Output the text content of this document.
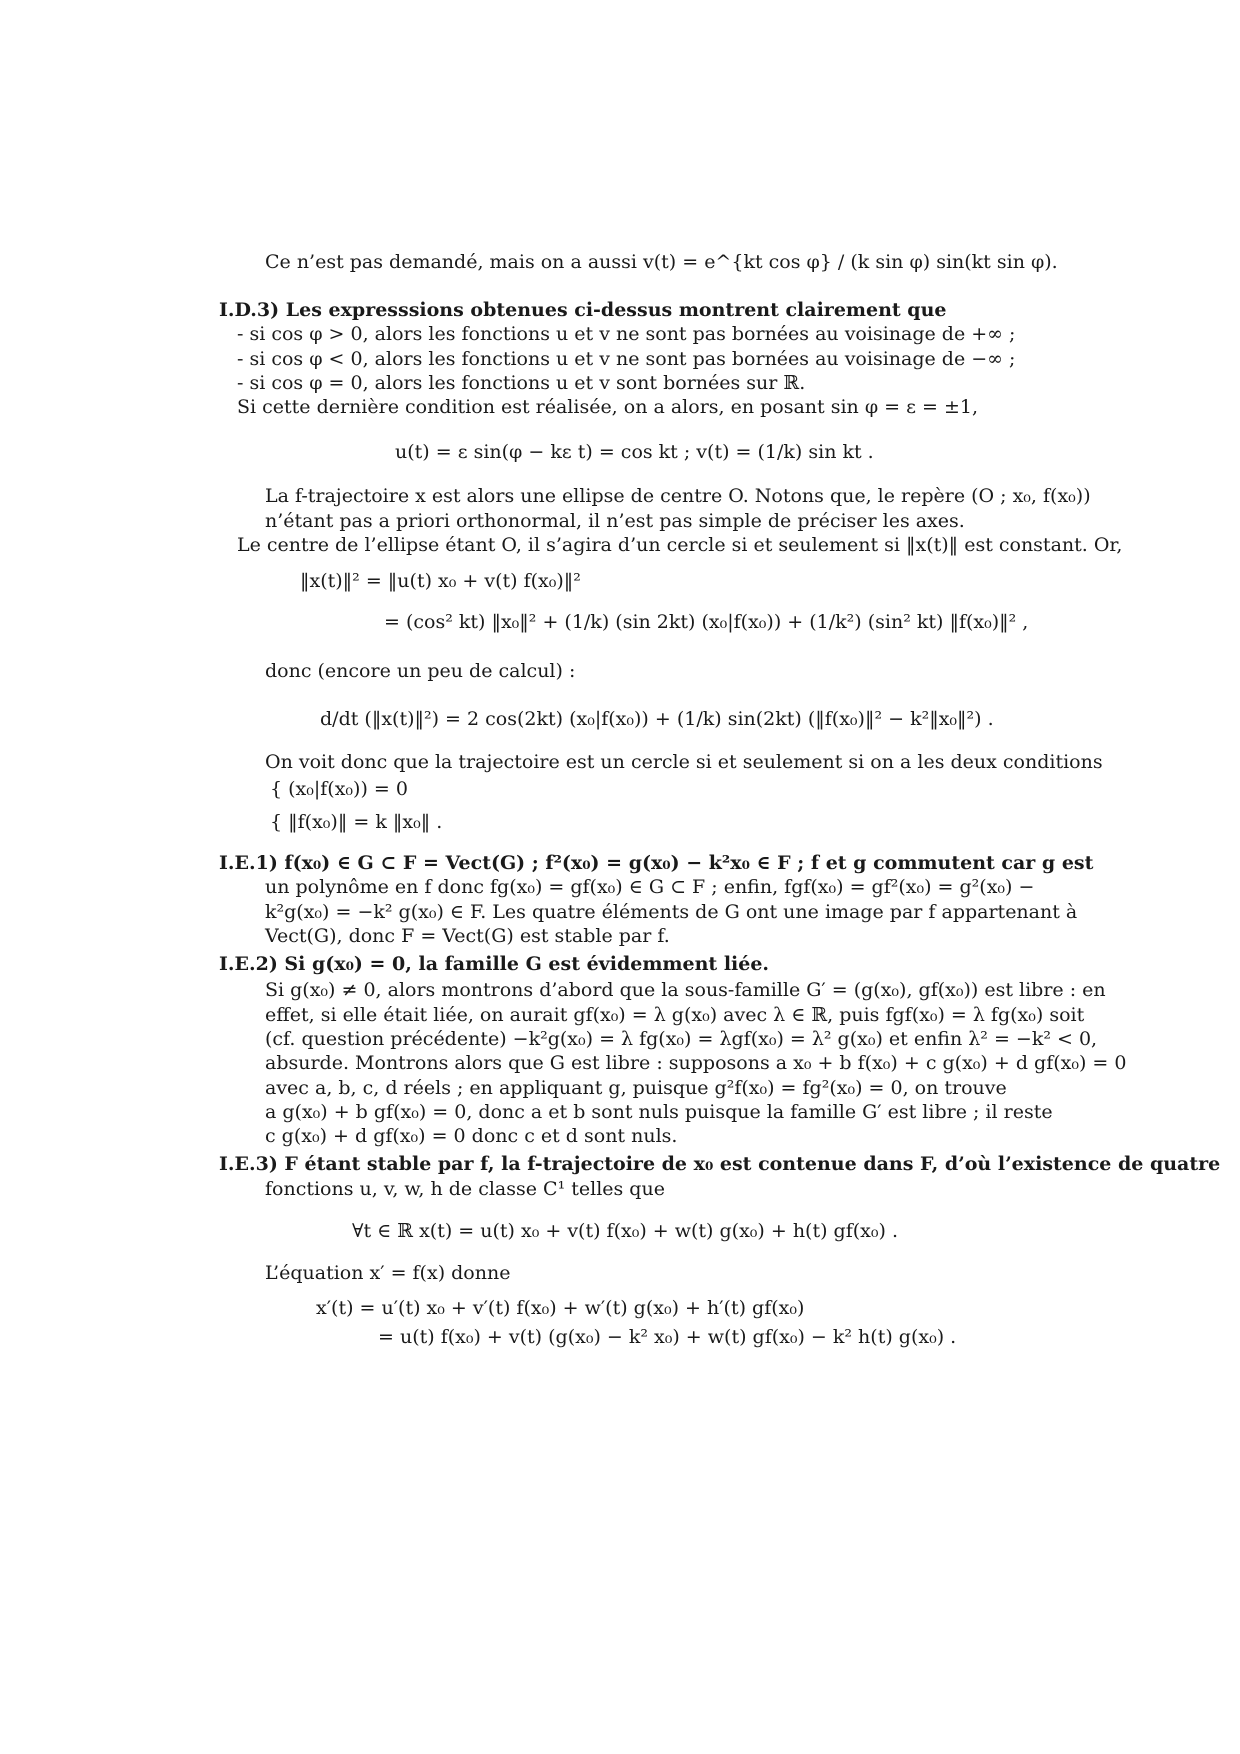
Ce n’est pas demandé, mais on a aussi v(t) = e^{kt cos φ} / (k sin φ) sin(kt sin φ).
I.D.3) Les expresssions obtenues ci-dessus montrent clairement que
- si cos φ > 0, alors les fonctions u et v ne sont pas bornées au voisinage de +∞ ;
- si cos φ < 0, alors les fonctions u et v ne sont pas bornées au voisinage de −∞ ;
- si cos φ = 0, alors les fonctions u et v sont bornées sur ℝ.
Si cette dernière condition est réalisée, on a alors, en posant sin φ = ε = ±1,
u(t) = ε sin(φ − kε t) = cos kt ; v(t) = (1/k) sin kt .
La f-trajectoire x est alors une ellipse de centre O. Notons que, le repère (O ; x₀, f(x₀))
n’étant pas a priori orthonormal, il n’est pas simple de préciser les axes.
Le centre de l’ellipse étant O, il s’agira d’un cercle si et seulement si ‖x(t)‖ est constant. Or,
‖x(t)‖² = ‖u(t) x₀ + v(t) f(x₀)‖²
= (cos² kt) ‖x₀‖² + (1/k) (sin 2kt) (x₀|f(x₀)) + (1/k²) (sin² kt) ‖f(x₀)‖² ,
donc (encore un peu de calcul) :
d/dt (‖x(t)‖²) = 2 cos(2kt) (x₀|f(x₀)) + (1/k) sin(2kt) (‖f(x₀)‖² − k²‖x₀‖²) .
On voit donc que la trajectoire est un cercle si et seulement si on a les deux conditions
{ (x₀|f(x₀)) = 0
{ ‖f(x₀)‖ = k ‖x₀‖ .
I.E.1) f(x₀) ∈ G ⊂ F = Vect(G) ; f²(x₀) = g(x₀) − k²x₀ ∈ F ; f et g commutent car g est
un polynôme en f donc fg(x₀) = gf(x₀) ∈ G ⊂ F ; enfin, fgf(x₀) = gf²(x₀) = g²(x₀) −
k²g(x₀) = −k² g(x₀) ∈ F. Les quatre éléments de G ont une image par f appartenant à
Vect(G), donc F = Vect(G) est stable par f.
I.E.2) Si g(x₀) = 0, la famille G est évidemment liée.
Si g(x₀) ≠ 0, alors montrons d’abord que la sous-famille G′ = (g(x₀), gf(x₀)) est libre : en
effet, si elle était liée, on aurait gf(x₀) = λ g(x₀) avec λ ∈ ℝ, puis fgf(x₀) = λ fg(x₀) soit
(cf. question précédente) −k²g(x₀) = λ fg(x₀) = λgf(x₀) = λ² g(x₀) et enfin λ² = −k² < 0,
absurde. Montrons alors que G est libre : supposons a x₀ + b f(x₀) + c g(x₀) + d gf(x₀) = 0
avec a, b, c, d réels ; en appliquant g, puisque g²f(x₀) = fg²(x₀) = 0, on trouve
a g(x₀) + b gf(x₀) = 0, donc a et b sont nuls puisque la famille G′ est libre ; il reste
c g(x₀) + d gf(x₀) = 0 donc c et d sont nuls.
I.E.3) F étant stable par f, la f-trajectoire de x₀ est contenue dans F, d’où l’existence de quatre
fonctions u, v, w, h de classe C¹ telles que
∀t ∈ ℝ x(t) = u(t) x₀ + v(t) f(x₀) + w(t) g(x₀) + h(t) gf(x₀) .
L’équation x′ = f(x) donne
x′(t) = u′(t) x₀ + v′(t) f(x₀) + w′(t) g(x₀) + h′(t) gf(x₀)
= u(t) f(x₀) + v(t) (g(x₀) − k² x₀) + w(t) gf(x₀) − k² h(t) g(x₀) .
